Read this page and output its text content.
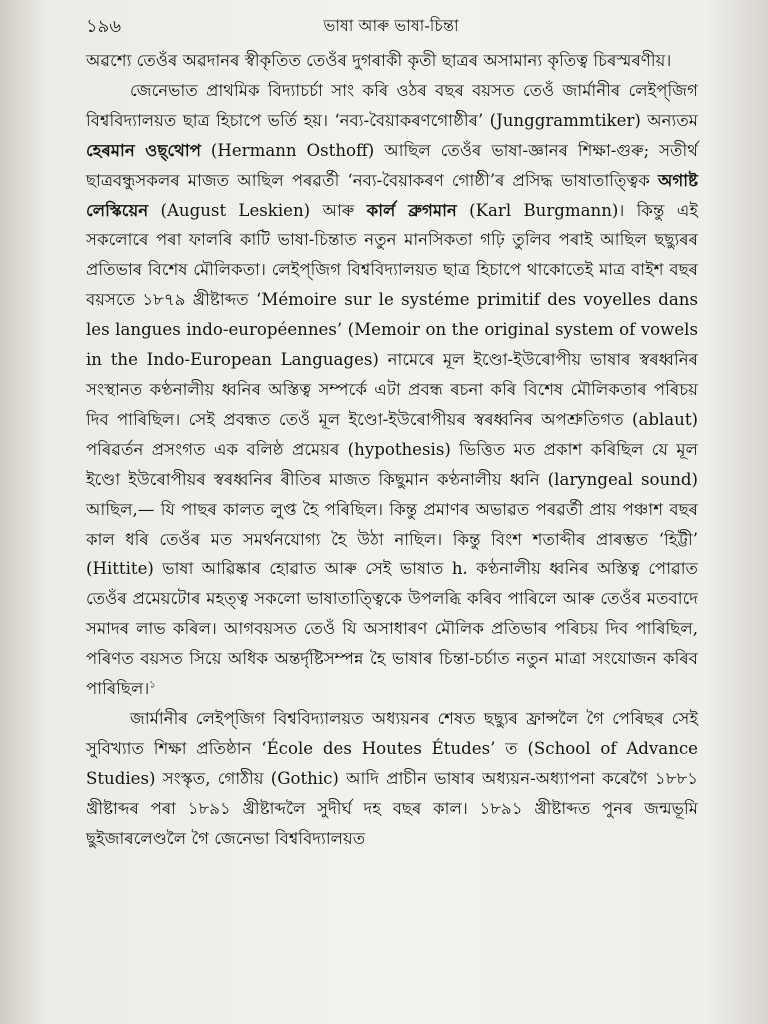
১৯৬	ভাষা আৰু ভাষা-চিন্তা

অৱশ্যে তেওঁৰ অৱদানৰ স্বীকৃতিত তেওঁৰ দুগৰাকী কৃতী ছাত্ৰৰ অসামান্য কৃতিত্ব চিৰস্মৰণীয়।

জেনেভাত প্ৰাথমিক বিদ্যাচৰ্চা সাং কৰি ওঠৰ বছৰ বয়সত তেওঁ জাৰ্মানীৰ লেইপ্‌জিগ বিশ্ববিদ্যালয়ত ছাত্ৰ হিচাপে ভৰ্তি হয়। ‘নব্য-বৈয়াকৰণগোষ্ঠীৰ’ (Junggrammtiker) অন্যতম হেৰমান ওছ্‌থোপ (Hermann Osthoff) আছিল তেওঁৰ ভাষা-জ্ঞানৰ শিক্ষা-গুৰু; সতীৰ্থ ছাত্ৰবন্ধুসকলৰ মাজত আছিল পৰৱৰ্তী ‘নব্য-বৈয়াকৰণ গোষ্ঠী’ৰ প্ৰসিদ্ধ ভাষাতাত্ত্বিক অগাষ্ট লেস্কিয়েন (August Leskien) আৰু কাৰ্ল ব্ৰুগমান (Karl Burgmann)। কিন্তু এই সকলোৰে পৰা ফালৰি কাটি ভাষা-চিন্তাত নতুন মানসিকতা গঢ়ি তুলিব পৰাই আছিল ছছ্যুৰৰ প্ৰতিভাৰ বিশেষ মৌলিকতা। লেইপ্‌জিগ বিশ্ববিদ্যালয়ত ছাত্ৰ হিচাপে থাকোতেই মাত্ৰ বাইশ বছৰ বয়সতে ১৮৭৯ খ্ৰীষ্টাব্দত ‘Mémoire sur le systéme primitif des voyelles dans les langues indo-européennes’ (Memoir on the original system of vowels in the Indo-European Languages) নামেৰে মূল ইণ্ডো-ইউৰোপীয় ভাষাৰ স্বৰধ্বনিৰ সংস্থানত কণ্ঠনালীয় ধ্বনিৰ অস্তিত্ব সম্পৰ্কে এটা প্ৰবন্ধ ৰচনা কৰি বিশেষ মৌলিকতাৰ পৰিচয় দিব পাৰিছিল। সেই প্ৰবন্ধত তেওঁ মূল ইণ্ডো-ইউৰোপীয়ৰ স্বৰধ্বনিৰ অপশ্ৰুতিগত (ablaut) পৰিৱৰ্তন প্ৰসংগত এক বলিষ্ঠ প্ৰমেয়ৰ (hypothesis) ভিত্তিত মত প্ৰকাশ কৰিছিল যে মূল ইণ্ডো ইউৰোপীয়ৰ স্বৰধ্বনিৰ ৰীতিৰ মাজত কিছুমান কণ্ঠনালীয় ধ্বনি (laryngeal sound) আছিল,— যি পাছৰ কালত লুপ্ত হৈ পৰিছিল। কিন্তু প্ৰমাণৰ অভাৱত পৰৱৰ্তী প্ৰায় পঞ্চাশ বছৰ কাল ধৰি তেওঁৰ মত সমৰ্থনযোগ্য হৈ উঠা নাছিল। কিন্তু বিংশ শতাব্দীৰ প্ৰাৰম্ভত ‘হিট্টী’ (Hittite) ভাষা আৱিষ্কাৰ হোৱাত আৰু সেই ভাষাত h. কণ্ঠনালীয় ধ্বনিৰ অস্তিত্ব পোৱাত তেওঁৰ প্ৰমেয়টোৰ মহত্ত্ব সকলো ভাষাতাত্ত্বিকে উপলব্ধি কৰিব পাৰিলে আৰু তেওঁৰ মতবাদে সমাদৰ লাভ কৰিল। আগবয়সত তেওঁ যি অসাধাৰণ মৌলিক প্ৰতিভাৰ পৰিচয় দিব পাৰিছিল, পৰিণত বয়সত সিয়ে অধিক অন্তৰ্দৃষ্টিসম্পন্ন হৈ ভাষাৰ চিন্তা-চৰ্চাত নতুন মাত্ৰা সংযোজন কৰিব পাৰিছিল।$^১$

জাৰ্মানীৰ লেইপ্‌জিগ বিশ্ববিদ্যালয়ত অধ্যয়নৰ শেষত ছছ্যুৰ ফ্ৰান্সলৈ গৈ পেৰিছৰ সেই সুবিখ্যাত শিক্ষা প্ৰতিষ্ঠান ‘École des Houtes Études’ ত (School of Advance Studies) সংস্কৃত, গোঠীয় (Gothic) আদি প্ৰাচীন ভাষাৰ অধ্যয়ন-অধ্যাপনা কৰেগৈ ১৮৮১ খ্ৰীষ্টাব্দৰ পৰা ১৮৯১ খ্ৰীষ্টাব্দলৈ সুদীৰ্ঘ দহ বছৰ কাল। ১৮৯১ খ্ৰীষ্টাব্দত পুনৰ জন্মভূমি ছুইজাৰলেণ্ডলৈ গৈ জেনেভা বিশ্ববিদ্যালয়ত
